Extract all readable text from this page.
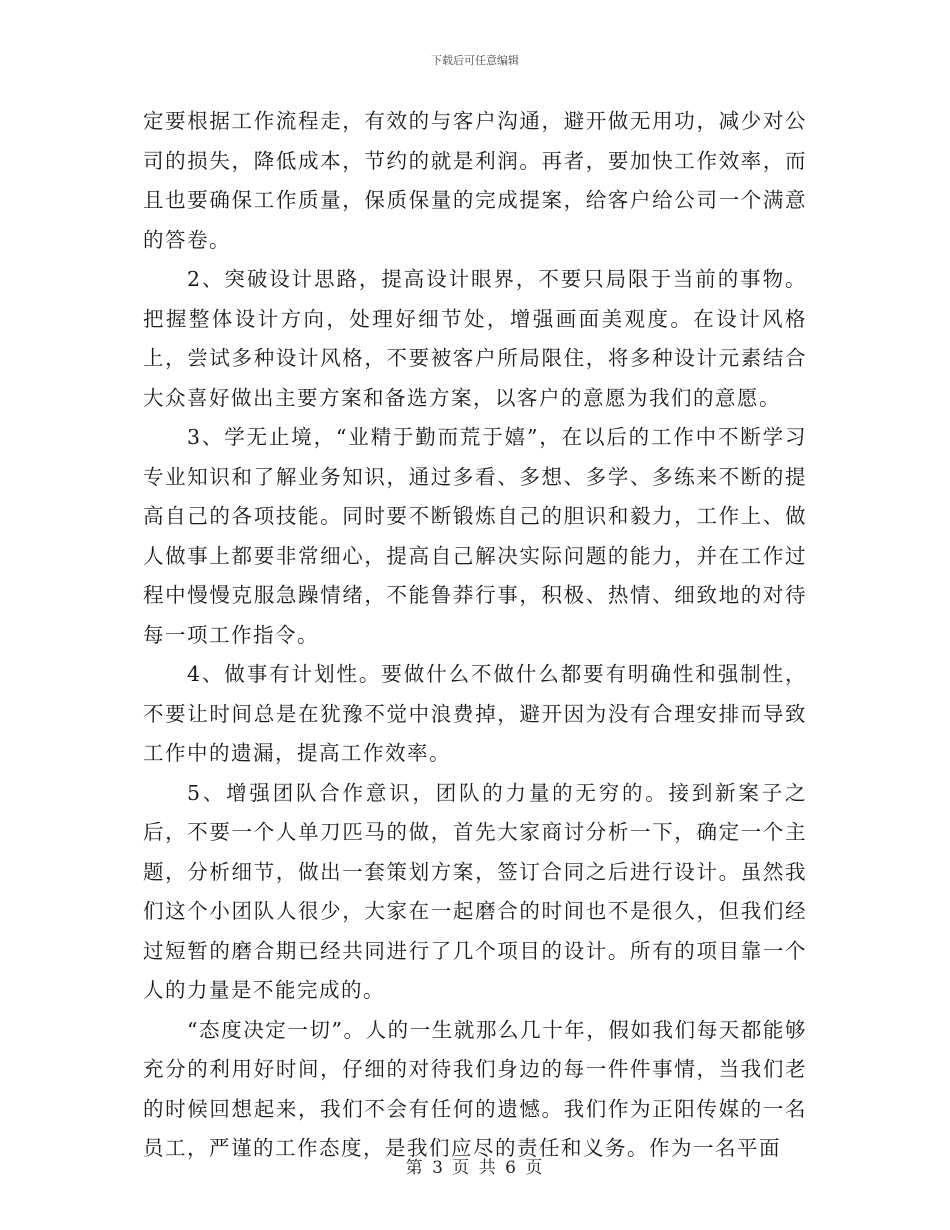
下载后可任意编辑

定要根据工作流程走，有效的与客户沟通，避开做无用功，减少对公司的损失，降低成本，节约的就是利润。再者，要加快工作效率，而且也要确保工作质量，保质保量的完成提案，给客户给公司一个满意的答卷。

2、突破设计思路，提高设计眼界，不要只局限于当前的事物。把握整体设计方向，处理好细节处，增强画面美观度。在设计风格上，尝试多种设计风格，不要被客户所局限住，将多种设计元素结合大众喜好做出主要方案和备选方案，以客户的意愿为我们的意愿。

3、学无止境，“业精于勤而荒于嬉”，在以后的工作中不断学习专业知识和了解业务知识，通过多看、多想、多学、多练来不断的提高自己的各项技能。同时要不断锻炼自己的胆识和毅力，工作上、做人做事上都要非常细心，提高自己解决实际问题的能力，并在工作过程中慢慢克服急躁情绪，不能鲁莽行事，积极、热情、细致地的对待每一项工作指令。

4、做事有计划性。要做什么不做什么都要有明确性和强制性，不要让时间总是在犹豫不觉中浪费掉，避开因为没有合理安排而导致工作中的遗漏，提高工作效率。

5、增强团队合作意识，团队的力量的无穷的。接到新案子之后，不要一个人单刀匹马的做，首先大家商讨分析一下，确定一个主题，分析细节，做出一套策划方案，签订合同之后进行设计。虽然我们这个小团队人很少，大家在一起磨合的时间也不是很久，但我们经过短暂的磨合期已经共同进行了几个项目的设计。所有的项目靠一个人的力量是不能完成的。

“态度决定一切”。人的一生就那么几十年，假如我们每天都能够充分的利用好时间，仔细的对待我们身边的每一件件事情，当我们老的时候回想起来，我们不会有任何的遗憾。我们作为正阳传媒的一名员工，严谨的工作态度，是我们应尽的责任和义务。作为一名平面

第 3 页 共 6 页
